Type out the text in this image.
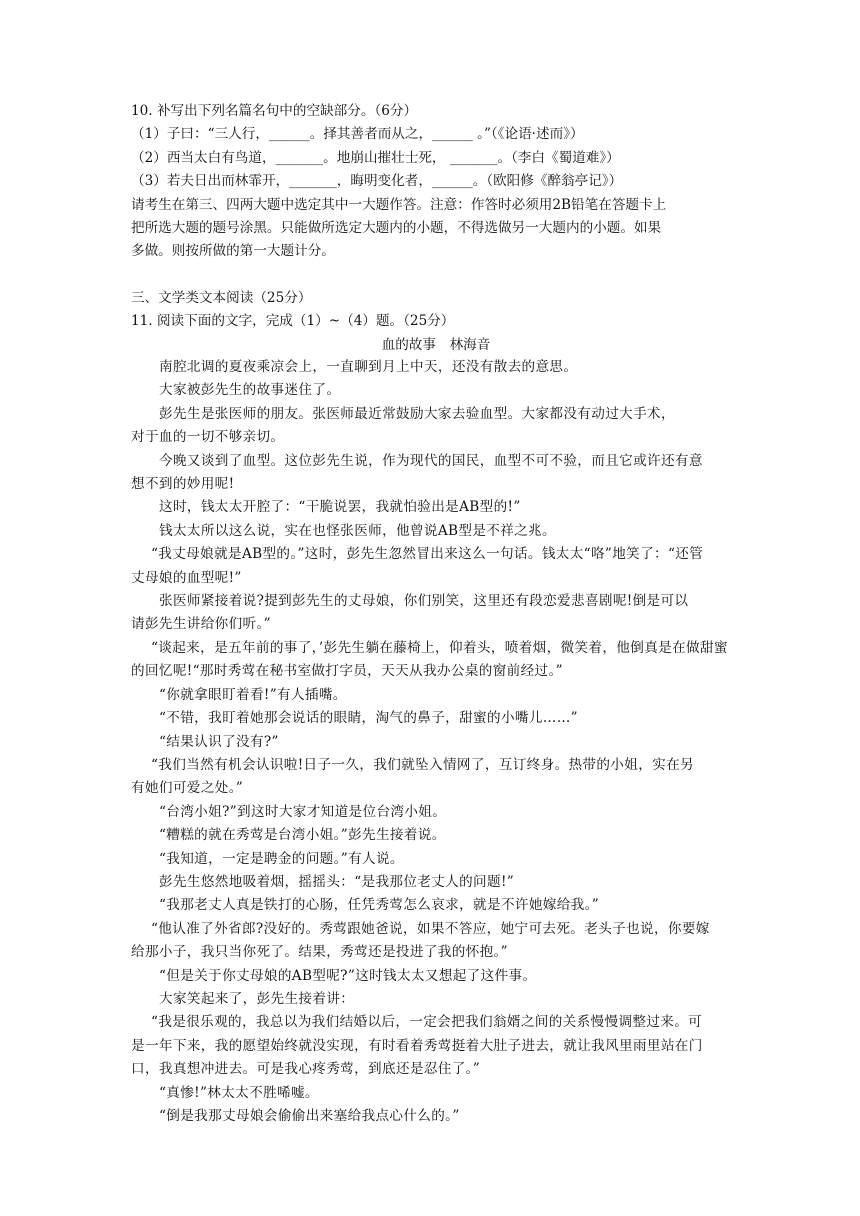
10. 补写出下列名篇名句中的空缺部分。（6分）
（1）子曰：“三人行，______。择其善者而从之，______ 。”（《论语·述而》）
（2）西当太白有鸟道，_______。地崩山摧壮士死， _______。（李白《蜀道难》）
（3）若夫日出而林霏开，_______，晦明变化者，______。（欧阳修《醉翁亭记》）
请考生在第三、四两大题中选定其中一大题作答。注意：作答时必须用2B铅笔在答题卡上
把所选大题的题号涂黑。只能做所选定大题内的小题，不得选做另一大题内的小题。如果
多做。则按所做的第一大题计分。
三、文学类文本阅读（25分）
11. 阅读下面的文字，完成（1）~（4）题。（25分）
血的故事　林海音
南腔北调的夏夜乘凉会上，一直聊到月上中天，还没有散去的意思。
大家被彭先生的故事迷住了。
彭先生是张医师的朋友。张医师最近常鼓励大家去验血型。大家都没有动过大手术，
对于血的一切不够亲切。
今晚又谈到了血型。这位彭先生说，作为现代的国民，血型不可不验，而且它或许还有意
想不到的妙用呢!
这时，钱太太开腔了：“干脆说罢，我就怕验出是AB型的!”
钱太太所以这么说，实在也怪张医师，他曾说AB型是不祥之兆。
“我丈母娘就是AB型的。”这时，彭先生忽然冒出来这么一句话。钱太太“咯”地笑了：“还管
丈母娘的血型呢!”
张医师紧接着说?提到彭先生的丈母娘，你们别笑，这里还有段恋爱悲喜剧呢!倒是可以
请彭先生讲给你们听。”
“谈起来，是五年前的事了，’彭先生躺在藤椅上，仰着头，喷着烟，微笑着，他倒真是在做甜蜜
的回忆呢!“那时秀莺在秘书室做打字员，天天从我办公桌的窗前经过。”
“你就拿眼盯着看!”有人插嘴。
“不错，我盯着她那会说话的眼睛，淘气的鼻子，甜蜜的小嘴儿……”
“结果认识了没有?”
“我们当然有机会认识啦!日子一久，我们就坠入情网了，互订终身。热带的小姐，实在另
有她们可爱之处。”
“台湾小姐?”到这时大家才知道是位台湾小姐。
“糟糕的就在秀莺是台湾小姐。”彭先生接着说。
“我知道，一定是聘金的问题。”有人说。
彭先生悠然地吸着烟，摇摇头：“是我那位老丈人的问题!”
“我那老丈人真是铁打的心肠，任凭秀莺怎么哀求，就是不许她嫁给我。”
“他认准了外省郎?没好的。秀莺跟她爸说，如果不答应，她宁可去死。老头子也说，你要嫁
给那小子，我只当你死了。结果，秀莺还是投进了我的怀抱。”
“但是关于你丈母娘的AB型呢?”这时钱太太又想起了这件事。
大家笑起来了，彭先生接着讲：
“我是很乐观的，我总以为我们结婚以后，一定会把我们翁婿之间的关系慢慢调整过来。可
是一年下来，我的愿望始终就没实现，有时看着秀莺挺着大肚子进去，就让我风里雨里站在门
口，我真想冲进去。可是我心疼秀莺，到底还是忍住了。”
“真惨!”林太太不胜唏嘘。
“倒是我那丈母娘会偷偷出来塞给我点心什么的。”
